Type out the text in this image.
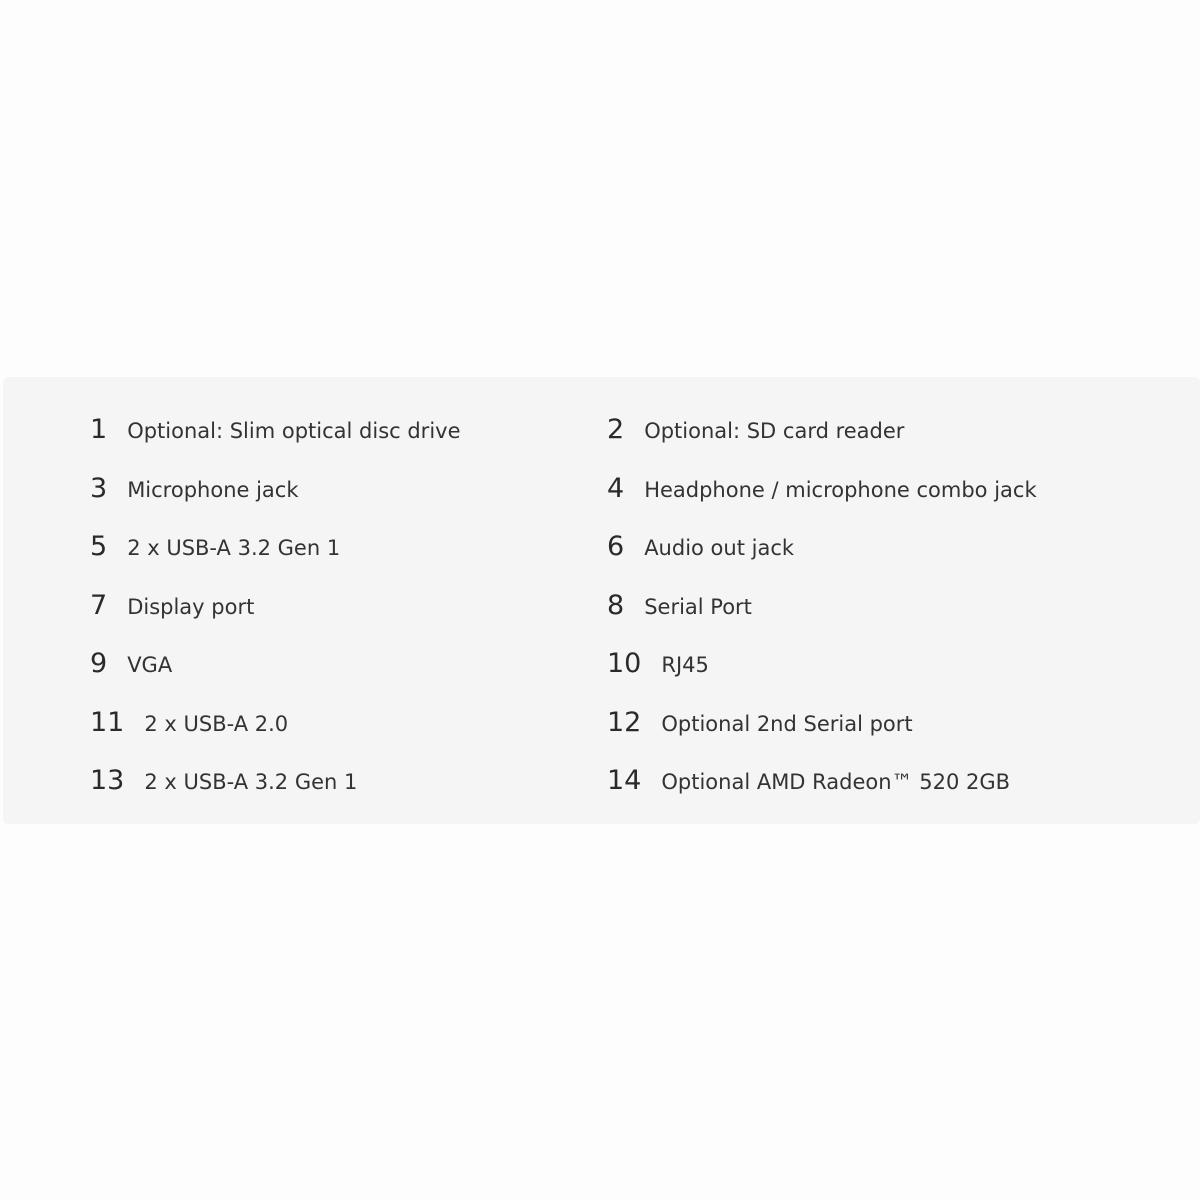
1 Optional: Slim optical disc drive	2 Optional: SD card reader
3 Microphone jack	4 Headphone / microphone combo jack
5 2 x USB-A 3.2 Gen 1	6 Audio out jack
7 Display port	8 Serial Port
9 VGA	10 RJ45
11 2 x USB-A 2.0	12 Optional 2nd Serial port
13 2 x USB-A 3.2 Gen 1	14 Optional AMD Radeon™ 520 2GB
